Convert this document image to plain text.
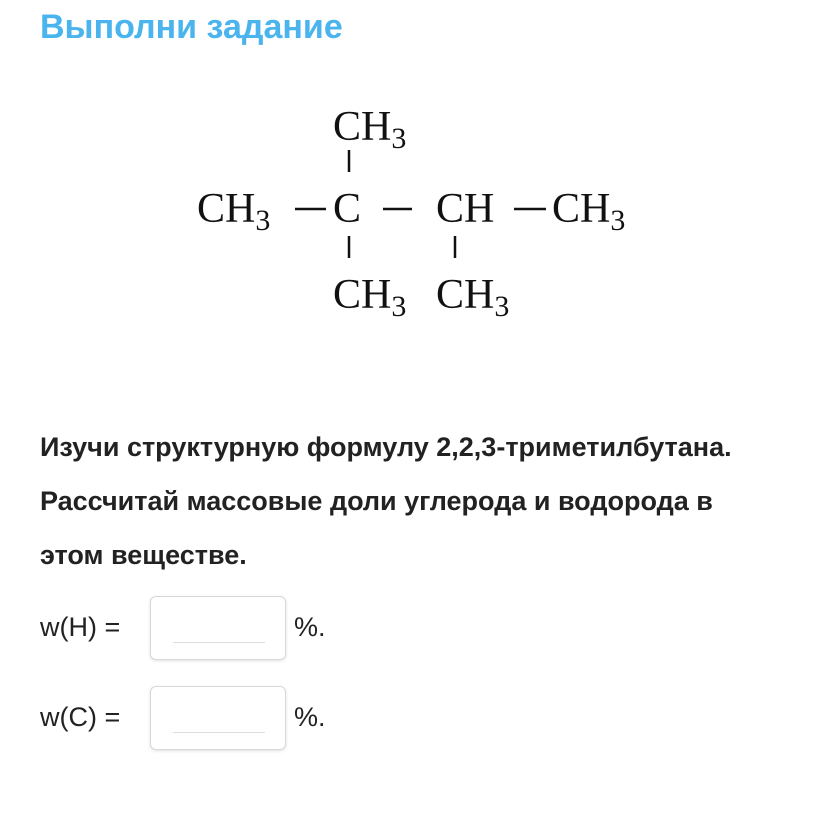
Выполни задание
CH3
CH3 C CH CH3
CH3 CH3
Изучи структурную формулу 2,2,3-триметилбутана. Рассчитай массовые доли углерода и водорода в этом веществе.
w(H) =	%.
w(C) =	%.
